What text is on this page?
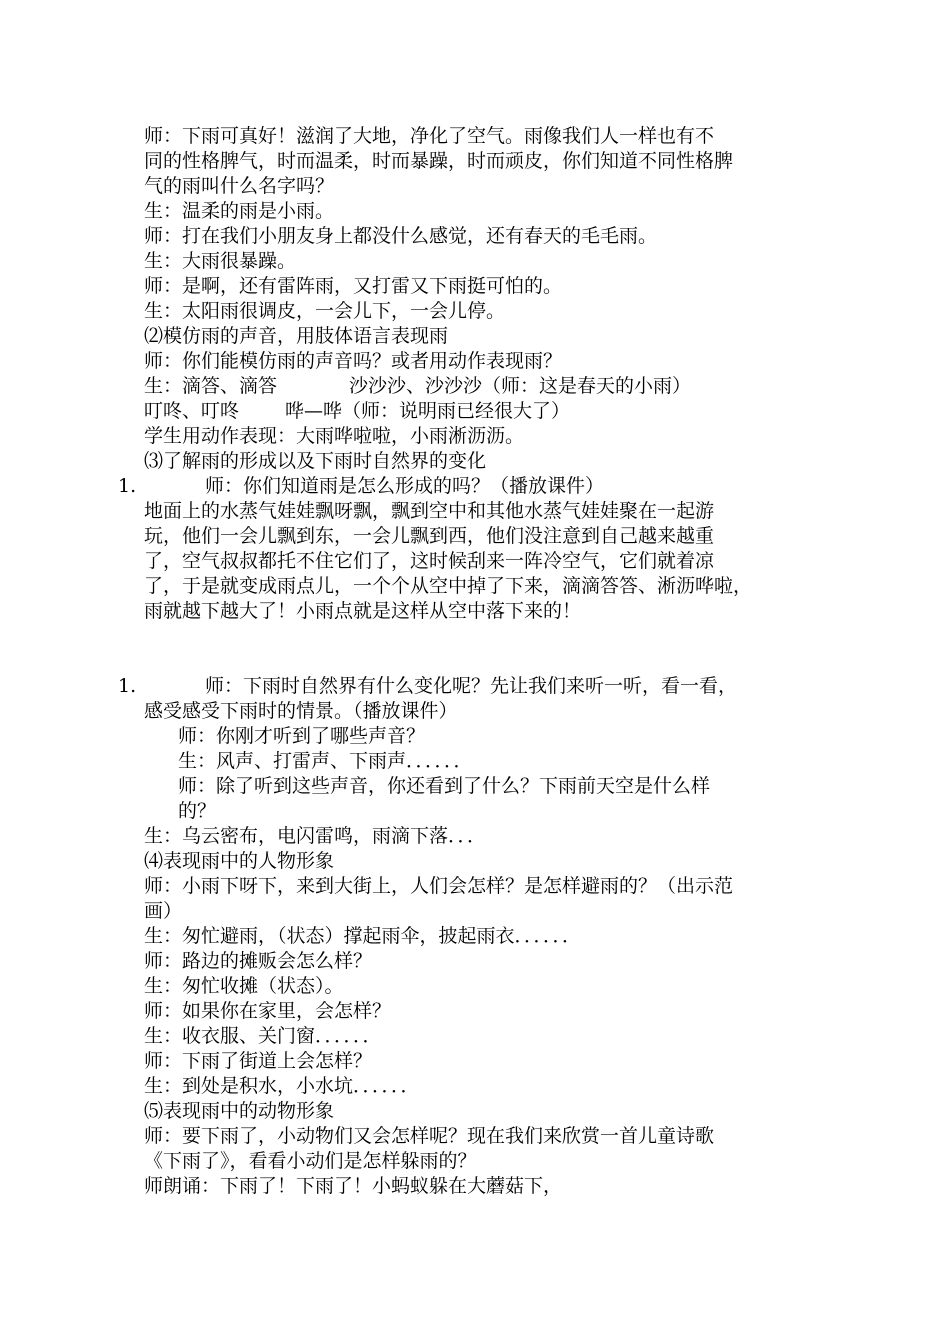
师：下雨可真好！滋润了大地，净化了空气。雨像我们人一样也有不
同的性格脾气，时而温柔，时而暴躁，时而顽皮，你们知道不同性格脾
气的雨叫什么名字吗？
生：温柔的雨是小雨。
师：打在我们小朋友身上都没什么感觉，还有春天的毛毛雨。
生：大雨很暴躁。
师：是啊，还有雷阵雨，又打雷又下雨挺可怕的。
生：太阳雨很调皮，一会儿下，一会儿停。
⑵模仿雨的声音，用肢体语言表现雨
师：你们能模仿雨的声音吗？或者用动作表现雨？
生：滴答、滴答	沙沙沙、沙沙沙（师：这是春天的小雨）
叮咚、叮咚 哗—哗（师：说明雨已经很大了）
学生用动作表现：大雨哗啦啦，小雨淅沥沥。
⑶了解雨的形成以及下雨时自然界的变化
1.	师：你们知道雨是怎么形成的吗？（播放课件）
地面上的水蒸气娃娃飘呀飘，飘到空中和其他水蒸气娃娃聚在一起游
玩，他们一会儿飘到东，一会儿飘到西，他们没注意到自己越来越重
了，空气叔叔都托不住它们了，这时候刮来一阵冷空气，它们就着凉
了，于是就变成雨点儿，一个个从空中掉了下来，滴滴答答、淅沥哗啦，
雨就越下越大了！小雨点就是这样从空中落下来的！
1.	师：下雨时自然界有什么变化呢？先让我们来听一听，看一看，
感受感受下雨时的情景。（播放课件）
师：你刚才听到了哪些声音？
生：风声、打雷声、下雨声．．．．．．
师：除了听到这些声音，你还看到了什么？下雨前天空是什么样
的？
生：乌云密布，电闪雷鸣，雨滴下落．．．
⑷表现雨中的人物形象
师：小雨下呀下，来到大街上，人们会怎样？是怎样避雨的？（出示范
画）
生：匆忙避雨，（状态）撑起雨伞，披起雨衣．．．．．．
师：路边的摊贩会怎么样？
生：匆忙收摊（状态）。
师：如果你在家里，会怎样？
生：收衣服、关门窗．．．．．．
师：下雨了街道上会怎样？
生：到处是积水，小水坑．．．．．．
⑸表现雨中的动物形象
师：要下雨了，小动物们又会怎样呢？现在我们来欣赏一首儿童诗歌
《下雨了》，看看小动们是怎样躲雨的？
师朗诵：下雨了！下雨了！小蚂蚁躲在大蘑菇下，
